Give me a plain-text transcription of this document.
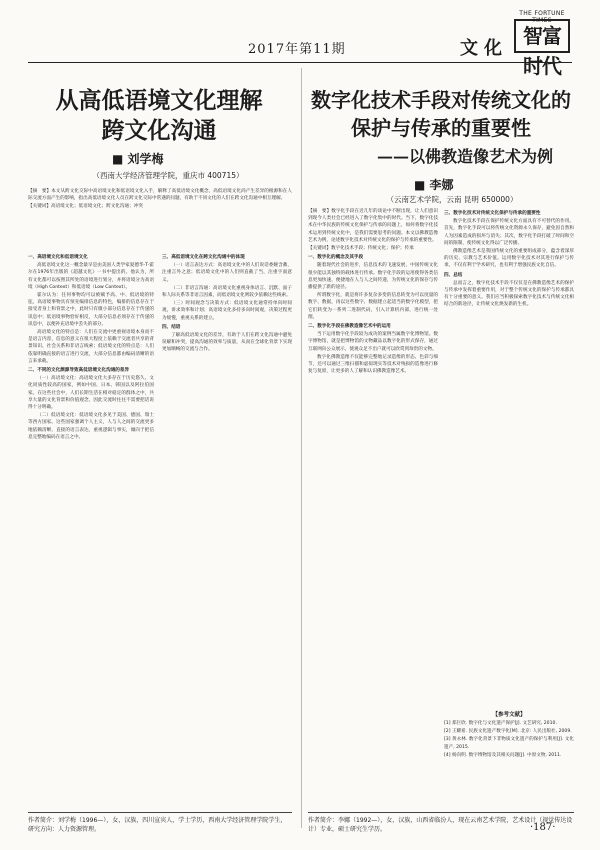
2017年第11期	文化
THE FORTUNE TIMES
智富时代
从高低语境文化理解
跨文化沟通
■ 刘学梅
（西南大学经济管理学院，重庆市 400715）

【摘　要】本文从跨文化交际中高语境文化和低语境文化入手，解释了高低语境文化概念，高低语境文化尚产生差异的根源和在人际交流方面产生的影响，指出高低语境文化人员在跨文化交际中常遇的问题，有助于不同文化的人们在跨文化沟通中相互理解。

【关键词】高语境文化；低语境文化；跨文化沟通；冲突

一、高语境文化和低语境文化

高低语境文化这一概念最早是由美国人类学家爱德华·T·霍尔在1976年出版的《超越文化》一书中提出的。他认为，所有文化都可以按照其所处的语境进行划分，并将语境分为高语境（High Context）和低语境（Low Context）。

霍尔认为：任何事物均可以被赋予高、中、低语境的特征。高语境事物具有预先编排信息的特色，编排的信息存在于接受者身上和背景之中，此时只有微小部分信息存在于传递的讯息中；低语境事物恰好相反，大部分信息必须存在于传递的讯息中，以便补充语境中丢失的部分。

高语境文化的特点是：人们在交流中更重视语境本身而不是语言内容，信息的意义在很大程度上依赖于交流者共享的背景知识、社会关系和非语言线索；低语境文化的特点是：人们依靠明确直接的语言进行交流，大部分信息都由编码清晰的语言来承载。

二、不同的文化渊源导致高低语境文化沟通的差异

（一）高语境文化：高语境文化大多存在于历史悠久、文化同质性较高的国家，例如中国、日本、韩国以及阿拉伯国家。在这些社会中，人们长期生活在相对稳定的群体之中，共享大量的文化背景和价值观念，因此交流时往往不需要把话说得十分明确。

（二）低语境文化：低语境文化多见于美国、德国、瑞士等西方国家。这些国家强调个人主义，人与人之间的交流更多地依赖清晰、直接的语言表达，重视逻辑与事实，倾向于把信息完整地编码在语言之中。

三、高低语境文化在跨文化沟通中的体现

（一）语言表达方式：高语境文化中的人们说话委婉含蓄，注重言外之意；低语境文化中的人们则直截了当，注重字面意义。

（二）非语言沟通：高语境文化重视身体语言、沉默、面子和人际关系等非语言因素，而低语境文化则较少依赖这些线索。

（三）时间观念与决策方式：低语境文化通常持单向时间观，讲求效率和计划；高语境文化多持多向时间观，决策过程更为缓慢，重视关系的建立。

四、结语

了解高低语境文化的差异，有助于人们在跨文化沟通中避免误解和冲突，提高沟通的效率与质量，从而在全球化背景下实现更加顺畅的交流与合作。

作者简介：刘学梅（1996—），女，汉族，四川宣宾人，学士学历，西南大学经济管理学院学生，研究方向：人力资源管理。
数字化技术手段对传统文化的
保护与传承的重要性
——以佛教造像艺术为例
■ 李娜
（云南艺术学院，云南 昆明 650000）

【摘　要】数字化手段在近几年的谈论中不断出现，让人们意识到现今人类社会已经进入了数字化集中的时代。当下，数字化技术在中华民族的传统文化保护与传承的问题上，如何将数字化技术运用到传统文化中，是我们需要思考的问题。本文以佛教造像艺术为例，论述数字化技术对传统文化的保护与传承的重要性。

【关键词】数字化技术手段；传统文化；保护；传承

一、数字化的概念及其手段

随着现代社会的进步，信息技术的飞速发展，中国传统文化很少能以其独特的载体进行传承。数字化手段的运用使得各类信息更加快速、便捷地在人与人之间传递，为传统文化的保存与传播提供了新的途径。

所谓数字化，就是将许多复杂多变的信息转变为可以度量的数字、数据，再以这些数字、数据建立起适当的数字化模型，把它们转变为一系列二进制代码，引入计算机内部，进行统一处理。

二、数字化手段在佛教造像艺术中的运用

当下运用数字化手段较为成功的案例当属数字化博物馆。数字博物馆，就是把博物馆的文物藏品以数字化的形式保存，通过互联网向公众展示，使观众足不出户就可以欣赏到珍贵的文物。

数字化佛教造像不仅能够完整地记录造像的形态、色彩与细节，还可以通过三维扫描和虚拟现实等技术对残损的造像进行修复与复原，让更多的人了解和认识佛教造像艺术。

三、数字化技术对传统文化保护与传承的重要性

数字化技术手段在保护传统文化方面具有不可替代的作用。首先，数字化手段可以将传统文化资源永久保存，避免因自然和人为因素造成的损坏与消失；其次，数字化手段打破了时间和空间的限制，使传统文化得以广泛传播。

佛教造像艺术是我国传统文化的重要组成部分，蕴含着深厚的历史、宗教与艺术价值。运用数字化技术对其进行保护与传承，不仅有利于学术研究，也有利于增强民族文化自信。

四、总结

总而言之，数字化技术手段不仅仅是在佛教造像艺术的保护与传承中发挥着重要作用，对于整个传统文化的保护与传承都具有十分重要的意义。我们应当积极探索数字化技术与传统文化相结合的新途径，让传统文化焕发新的生机。

【参考文献】

[1] 郑巨欣. 数字化与文化遗产保护[J]. 文艺研究, 2010.

[2] 王耀希. 民族文化遗产数字化[M]. 北京: 人民出版社, 2009.

[3] 黄永林. 数字化背景下非物质文化遗产的保护与利用[J]. 文化遗产, 2015.

[4] 杨向明. 数字博物馆及其相关问题[J]. 中原文物, 2011.

作者简介：李娜（1992—），女，汉族，山西省临汾人，现在云南艺术学院，艺术设计（视觉传达设计）专业，硕士研究生学历。	·187·
